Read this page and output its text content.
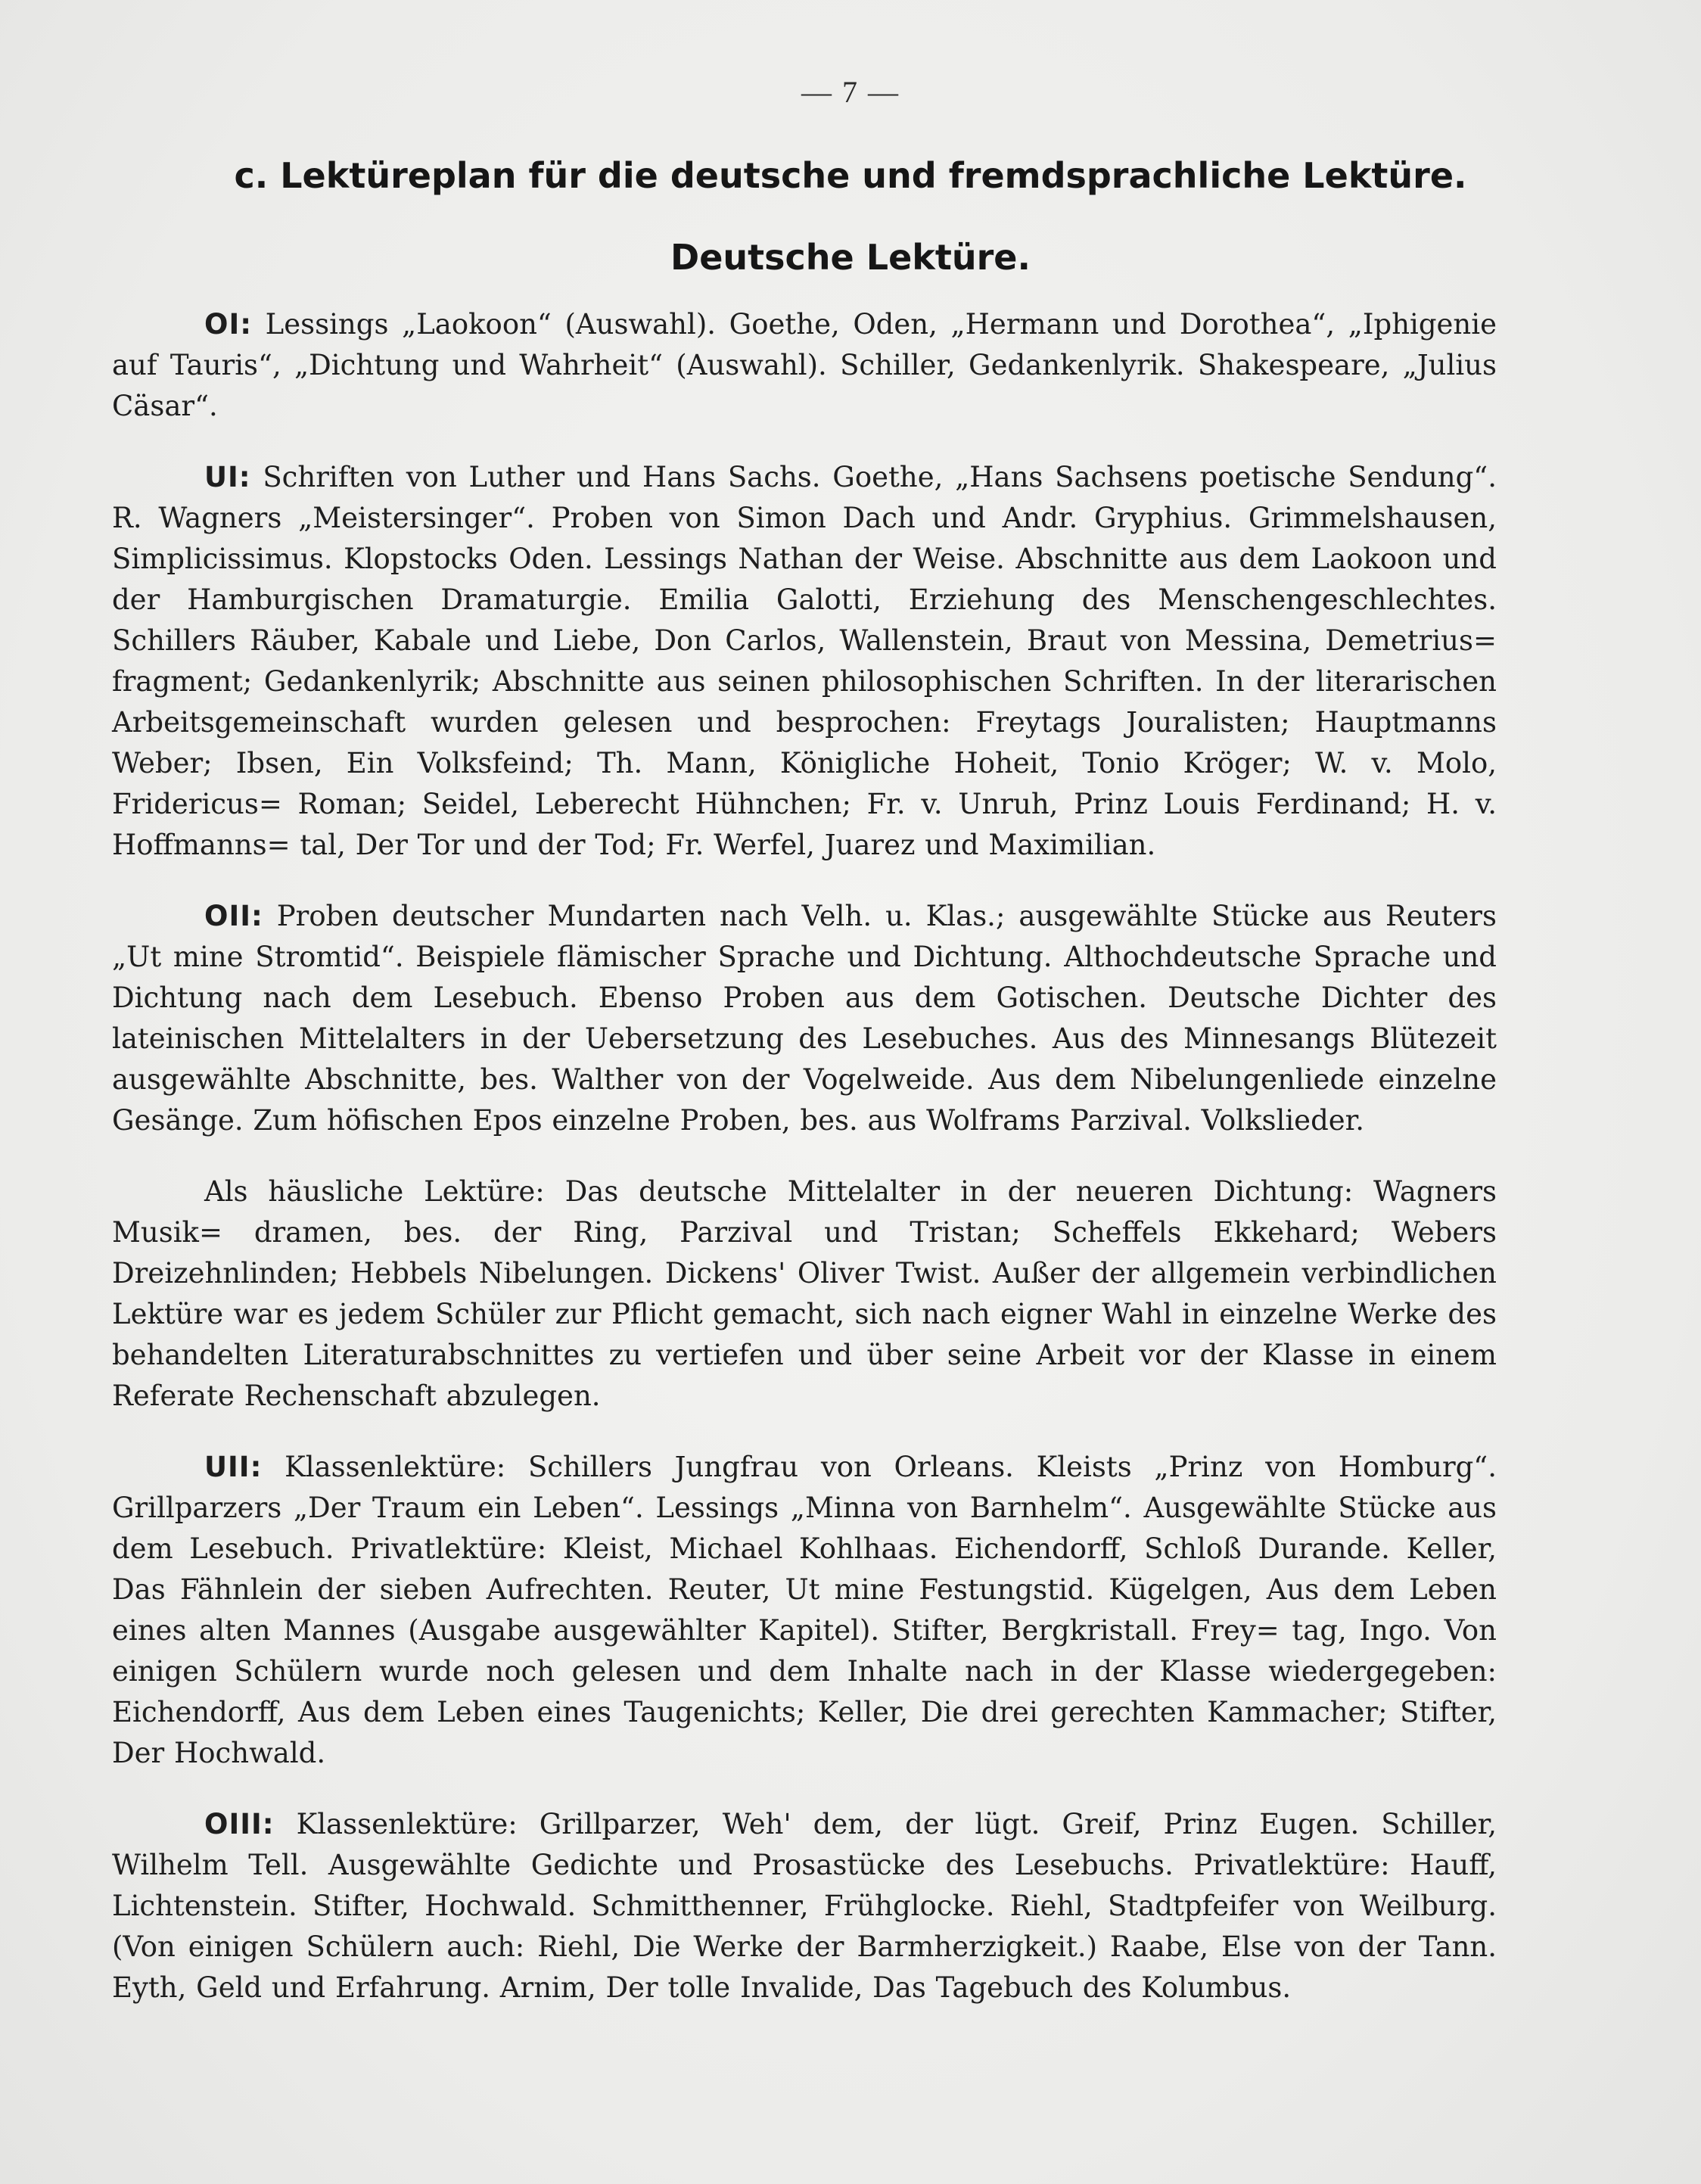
— 7 —
c. Lektüreplan für die deutsche und fremdsprachliche Lektüre.
Deutsche Lektüre.

OI: Lessings „Laokoon“ (Auswahl). Goethe, Oden, „Hermann und Dorothea“, „Iphigenie auf Tauris“, „Dichtung und Wahrheit“ (Auswahl). Schiller, Gedankenlyrik. Shakespeare, „Julius Cäsar“.

UI: Schriften von Luther und Hans Sachs. Goethe, „Hans Sachsens poetische Sendung“. R. Wagners „Meistersinger“. Proben von Simon Dach und Andr. Gryphius. Grimmelshausen, Simplicissimus. Klopstocks Oden. Lessings Nathan der Weise. Abschnitte aus dem Laokoon und der Hamburgischen Dramaturgie. Emilia Galotti, Erziehung des Menschengeschlechtes. Schillers Räuber, Kabale und Liebe, Don Carlos, Wallenstein, Braut von Messina, Demetrius= fragment; Gedankenlyrik; Abschnitte aus seinen philosophischen Schriften. In der literarischen Arbeitsgemeinschaft wurden gelesen und besprochen: Freytags Jouralisten; Hauptmanns Weber; Ibsen, Ein Volksfeind; Th. Mann, Königliche Hoheit, Tonio Kröger; W. v. Molo, Fridericus= Roman; Seidel, Leberecht Hühnchen; Fr. v. Unruh, Prinz Louis Ferdinand; H. v. Hoffmanns= tal, Der Tor und der Tod; Fr. Werfel, Juarez und Maximilian.

OII: Proben deutscher Mundarten nach Velh. u. Klas.; ausgewählte Stücke aus Reuters „Ut mine Stromtid“. Beispiele flämischer Sprache und Dichtung. Althochdeutsche Sprache und Dichtung nach dem Lesebuch. Ebenso Proben aus dem Gotischen. Deutsche Dichter des lateinischen Mittelalters in der Uebersetzung des Lesebuches. Aus des Minnesangs Blütezeit ausgewählte Abschnitte, bes. Walther von der Vogelweide. Aus dem Nibelungenliede einzelne Gesänge. Zum höfischen Epos einzelne Proben, bes. aus Wolframs Parzival. Volkslieder.

Als häusliche Lektüre: Das deutsche Mittelalter in der neueren Dichtung: Wagners Musik= dramen, bes. der Ring, Parzival und Tristan; Scheffels Ekkehard; Webers Dreizehnlinden; Hebbels Nibelungen. Dickens' Oliver Twist. Außer der allgemein verbindlichen Lektüre war es jedem Schüler zur Pflicht gemacht, sich nach eigner Wahl in einzelne Werke des behandelten Literaturabschnittes zu vertiefen und über seine Arbeit vor der Klasse in einem Referate Rechenschaft abzulegen.

UII: Klassenlektüre: Schillers Jungfrau von Orleans. Kleists „Prinz von Homburg“. Grillparzers „Der Traum ein Leben“. Lessings „Minna von Barnhelm“. Ausgewählte Stücke aus dem Lesebuch. Privatlektüre: Kleist, Michael Kohlhaas. Eichendorff, Schloß Durande. Keller, Das Fähnlein der sieben Aufrechten. Reuter, Ut mine Festungstid. Kügelgen, Aus dem Leben eines alten Mannes (Ausgabe ausgewählter Kapitel). Stifter, Bergkristall. Frey= tag, Ingo. Von einigen Schülern wurde noch gelesen und dem Inhalte nach in der Klasse wiedergegeben: Eichendorff, Aus dem Leben eines Taugenichts; Keller, Die drei gerechten Kammacher; Stifter, Der Hochwald.

OIII: Klassenlektüre: Grillparzer, Weh' dem, der lügt. Greif, Prinz Eugen. Schiller, Wilhelm Tell. Ausgewählte Gedichte und Prosastücke des Lesebuchs. Privatlektüre: Hauff, Lichtenstein. Stifter, Hochwald. Schmitthenner, Frühglocke. Riehl, Stadtpfeifer von Weilburg. (Von einigen Schülern auch: Riehl, Die Werke der Barmherzigkeit.) Raabe, Else von der Tann. Eyth, Geld und Erfahrung. Arnim, Der tolle Invalide, Das Tagebuch des Kolumbus.
